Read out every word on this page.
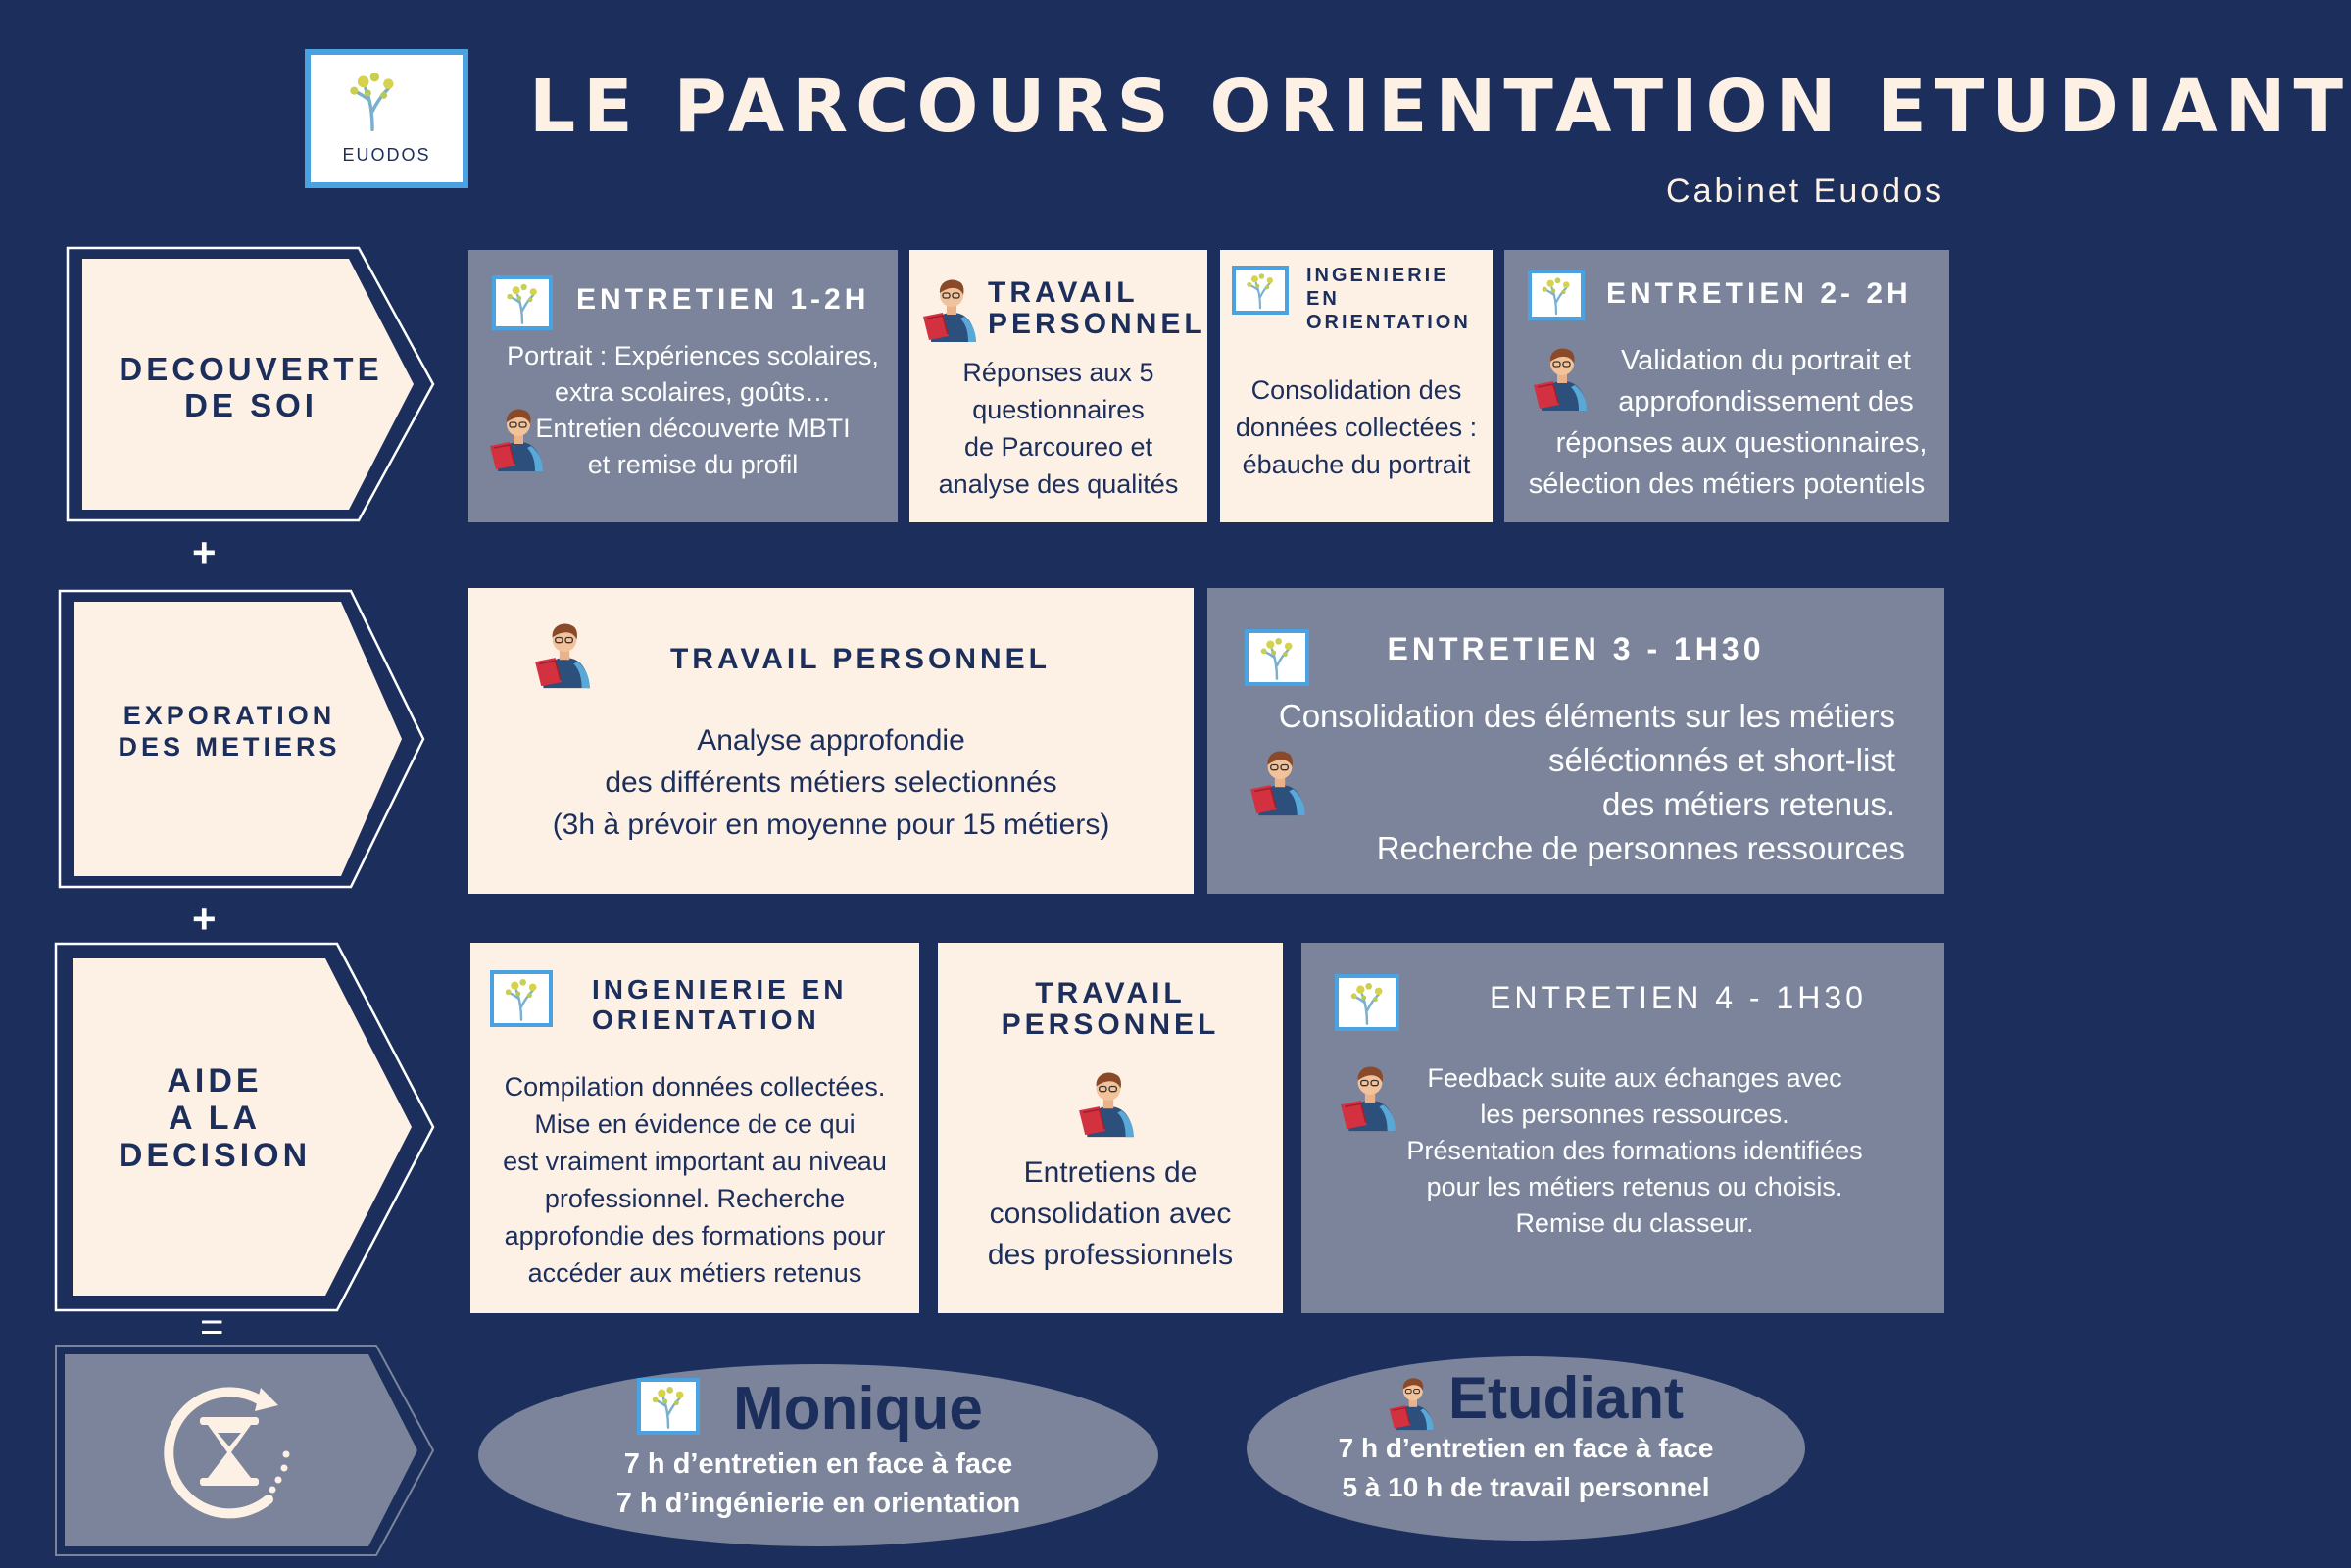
EUODOS
LE PARCOURS ORIENTATION ETUDIANT
Cabinet Euodos
DECOUVERTE
DE SOI
+
EXPORATION
DES METIERS
+
AIDE
A LA
DECISION
=
ENTRETIEN 1-2H
Portrait : Expériences scolaires,
extra scolaires, goûts…
Entretien découverte MBTI
et remise du profil
TRAVAIL
PERSONNEL
Réponses aux 5
questionnaires
de Parcoureo et
analyse des qualités
INGENIERIE
EN
ORIENTATION
Consolidation des
données collectées :
ébauche du portrait
ENTRETIEN 2- 2H
Validation du portrait et
approfondissement des
réponses aux questionnaires,
sélection des métiers potentiels
TRAVAIL PERSONNEL
Analyse approfondie
des différents métiers selectionnés
(3h à prévoir en moyenne pour 15 métiers)
ENTRETIEN 3 - 1H30
Consolidation des éléments sur les métiers
séléctionnés et short-list
des métiers retenus.
Recherche de personnes ressources
INGENIERIE EN
ORIENTATION
Compilation données collectées.
Mise en évidence de ce qui
est vraiment important au niveau
professionnel. Recherche
approfondie des formations pour
accéder aux métiers retenus
TRAVAIL
PERSONNEL
Entretiens de
consolidation avec
des professionnels
ENTRETIEN 4 - 1H30
Feedback suite aux échanges avec
les personnes ressources.
Présentation des formations identifiées
pour les métiers retenus ou choisis.
Remise du classeur.
Monique
7 h d’entretien en face à face
7 h d’ingénierie en orientation
Etudiant
7 h d’entretien en face à face
5 à 10 h de travail personnel
